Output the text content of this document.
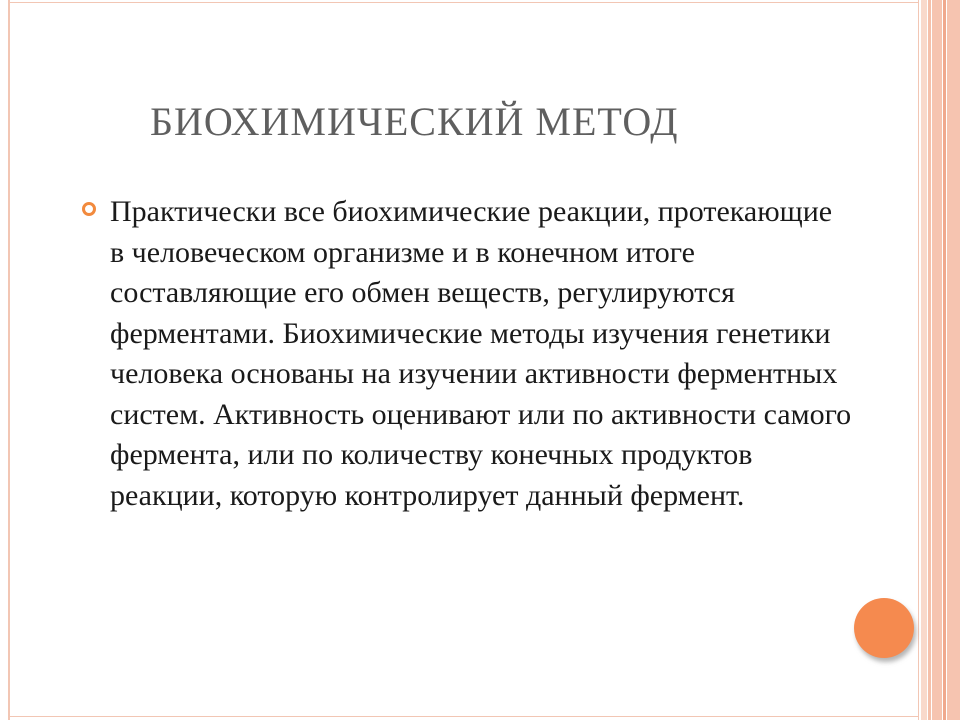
БИОХИМИЧЕСКИЙ МЕТОД
Практически все биохимические реакции, протекающие в человеческом организме и в конечном итоге составляющие его обмен веществ, регулируются ферментами. Биохимические методы изучения генетики человека основаны на изучении активности ферментных систем. Активность оценивают или по активности самого фермента, или по количеству конечных продуктов реакции, которую контролирует данный фермент.
